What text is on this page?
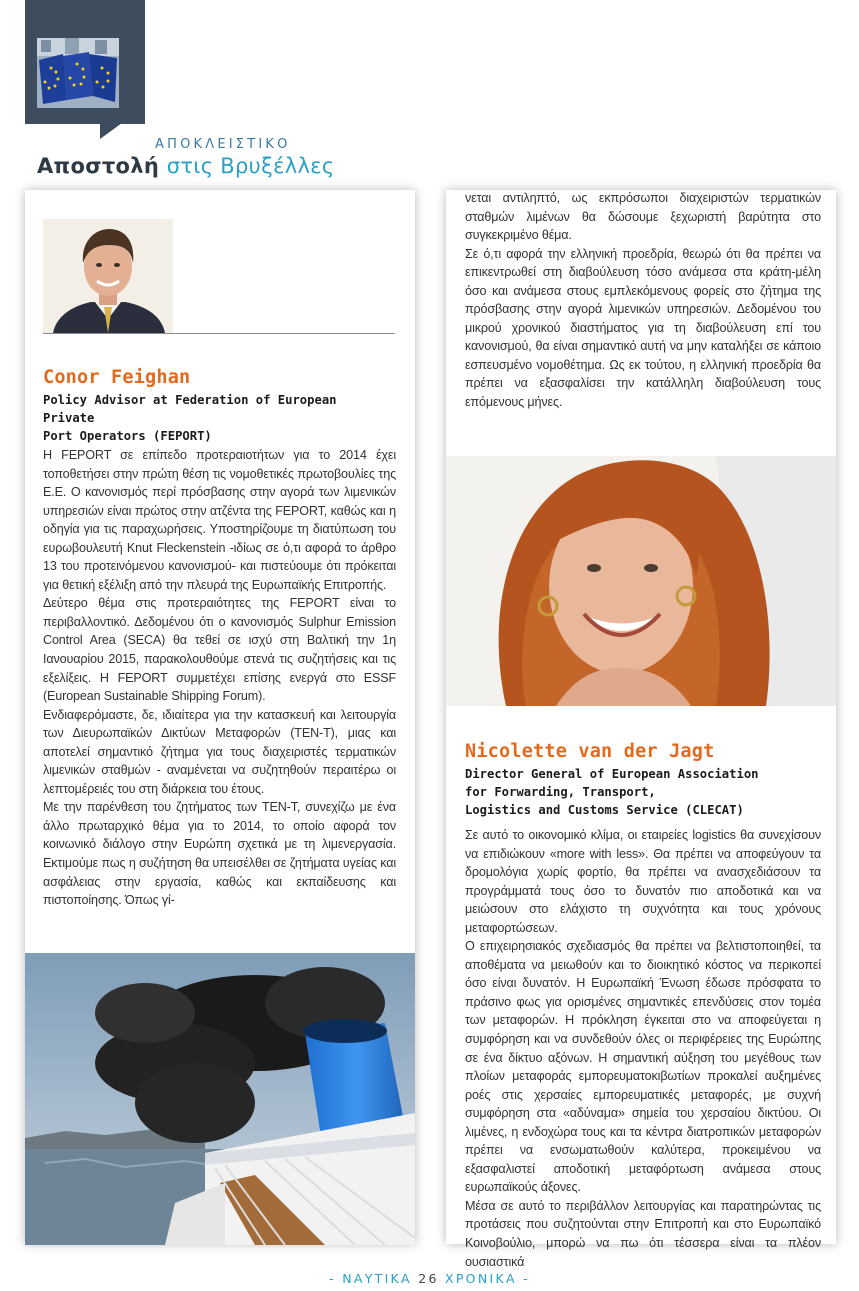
ΑΠΟΚΛΕΙΣΤΙΚΟ
Αποστολή στις Βρυξέλλες
Conor Feighan
Policy Advisor at Federation of European Private
Port Operators (FEPORT)

Η FEPORT σε επίπεδο προτεραιοτήτων για το 2014 έχει τοποθετήσει στην πρώτη θέση τις νομοθετικές πρωτοβουλίες της Ε.Ε. Ο κανονισμός περί πρόσβασης στην αγορά των λιμενικών υπηρεσιών είναι πρώτος στην ατζέντα της FEPORT, καθώς και η οδηγία για τις παραχωρήσεις. Υποστηρίζουμε τη διατύπωση του ευρωβουλευτή Knut Fleckenstein -ιδίως σε ό,τι αφορά το άρθρο 13 του προτεινόμενου κανονισμού- και πιστεύουμε ότι πρόκειται για θετική εξέλιξη από την πλευρά της Ευρωπαϊκής Επιτροπής.

Δεύτερο θέμα στις προτεραιότητες της FEPORT είναι το περιβαλλοντικό. Δεδομένου ότι ο κανονισμός Sulphur Emission Control Area (SECA) θα τεθεί σε ισχύ στη Βαλτική την 1η Ιανουαρίου 2015, παρακολουθούμε στενά τις συζητήσεις και τις εξελίξεις. Η FEPORT συμμετέχει επίσης ενεργά στο ESSF (European Sustainable Shipping Forum).

Ενδιαφερόμαστε, δε, ιδιαίτερα για την κατασκευή και λειτουργία των Διευρωπαϊκών Δικτύων Μεταφορών (TEN-T), μιας και αποτελεί σημαντικό ζήτημα για τους διαχειριστές τερματικών λιμενικών σταθμών - αναμένεται να συζητηθούν περαιτέρω οι λεπτομέρειές του στη διάρκεια του έτους.

Με την παρένθεση του ζητήματος των TEN-T, συνεχίζω με ένα άλλο πρωταρχικό θέμα για το 2014, το οποίο αφορά τον κοινωνικό διάλογο στην Ευρώπη σχετικά με τη λιμενεργασία. Εκτιμούμε πως η συζήτηση θα υπεισέλθει σε ζητήματα υγείας και ασφάλειας στην εργασία, καθώς και εκπαίδευσης και πιστοποίησης. Όπως γί-

νεται αντιληπτό, ως εκπρόσωποι διαχειριστών τερματικών σταθμών λιμένων θα δώσουμε ξεχωριστή βαρύτητα στο συγκεκριμένο θέμα.

Σε ό,τι αφορά την ελληνική προεδρία, θεωρώ ότι θα πρέπει να επικεντρωθεί στη διαβούλευση τόσο ανάμεσα στα κράτη-μέλη όσο και ανάμεσα στους εμπλεκόμενους φορείς στο ζήτημα της πρόσβασης στην αγορά λιμενικών υπηρεσιών. Δεδομένου του μικρού χρονικού διαστήματος για τη διαβούλευση επί του κανονισμού, θα είναι σημαντικό αυτή να μην καταλήξει σε κάποιο εσπευσμένο νομοθέτημα. Ως εκ τούτου, η ελληνική προεδρία θα πρέπει να εξασφαλίσει την κατάλληλη διαβούλευση τους επόμενους μήνες.

Nicolette van der Jagt
Director General of European Association
for Forwarding, Transport,
Logistics and Customs Service (CLECAT)

Σε αυτό το οικονομικό κλίμα, οι εταιρείες logistics θα συνεχίσουν να επιδιώκουν «more with less». Θα πρέπει να αποφεύγουν τα δρομολόγια χωρίς φορτίο, θα πρέπει να ανασχεδιάσουν τα προγράμματά τους όσο το δυνατόν πιο αποδοτικά και να μειώσουν στο ελάχιστο τη συχνότητα και τους χρόνους μεταφορτώσεων.

Ο επιχειρησιακός σχεδιασμός θα πρέπει να βελτιστοποιηθεί, τα αποθέματα να μειωθούν και το διοικητικό κόστος να περικοπεί όσο είναι δυνατόν. Η Ευρωπαϊκή Ένωση έδωσε πρόσφατα το πράσινο φως για ορισμένες σημαντικές επενδύσεις στον τομέα των μεταφορών. Η πρόκληση έγκειται στο να αποφεύγεται η συμφόρηση και να συνδεθούν όλες οι περιφέρειες της Ευρώπης σε ένα δίκτυο αξόνων. Η σημαντική αύξηση του μεγέθους των πλοίων μεταφοράς εμπορευματοκιβωτίων προκαλεί αυξημένες ροές στις χερσαίες εμπορευματικές μεταφορές, με συχνή συμφόρηση στα «αδύναμα» σημεία του χερσαίου δικτύου. Οι λιμένες, η ενδοχώρα τους και τα κέντρα διατροπικών μεταφορών πρέπει να ενσωματωθούν καλύτερα, προκειμένου να εξασφαλιστεί αποδοτική μεταφόρτωση ανάμεσα στους ευρωπαϊκούς άξονες.

Μέσα σε αυτό το περιβάλλον λειτουργίας και παρατηρώντας τις προτάσεις που συζητούνται στην Επιτροπή και στο Ευρωπαϊκό Κοινοβούλιο, μπορώ να πω ότι τέσσερα είναι τα πλέον ουσιαστικά

- ΝΑΥΤΙΚΑ 26 ΧΡΟΝΙΚΑ -
